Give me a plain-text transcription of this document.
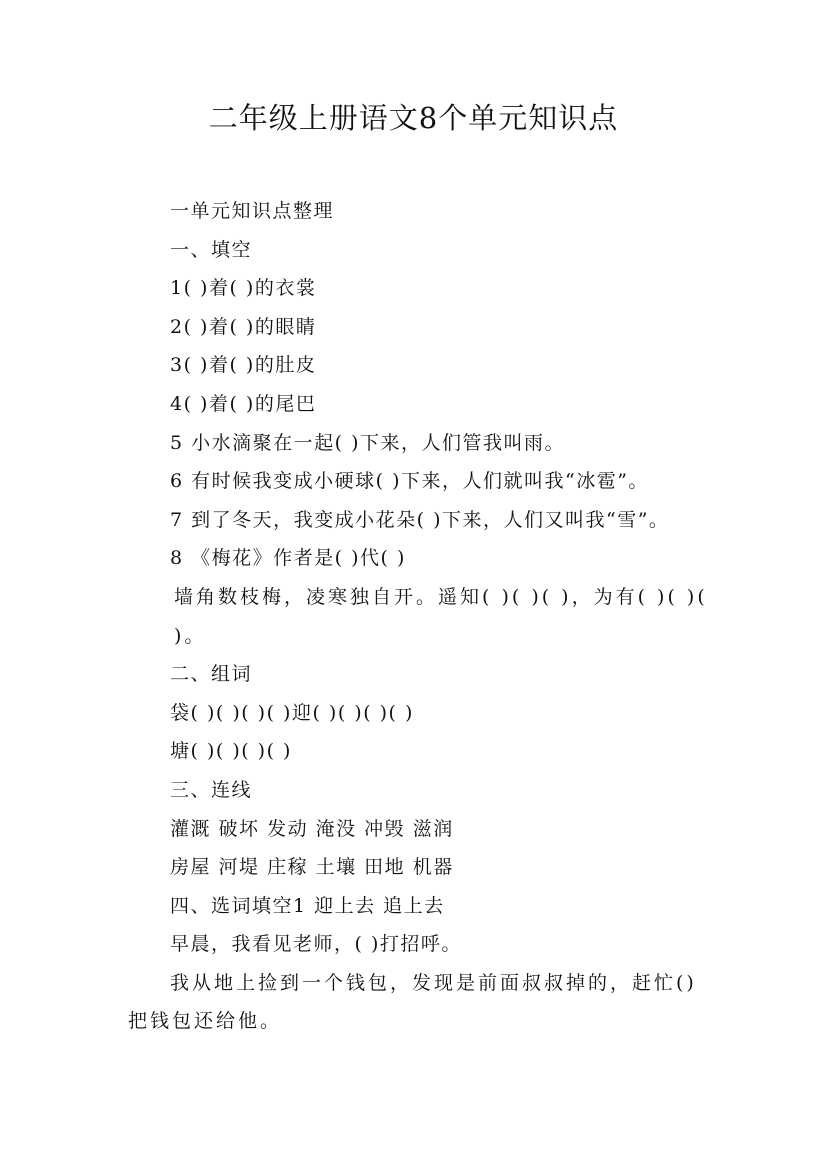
二年级上册语文8个单元知识点
一单元知识点整理
一、填空
1( )着( )的衣裳
2( )着( )的眼睛
3( )着( )的肚皮
4( )着( )的尾巴
5 小水滴聚在一起( )下来，人们管我叫雨。
6 有时候我变成小硬球( )下来，人们就叫我“冰雹”。
7 到了冬天，我变成小花朵( )下来，人们又叫我“雪”。
8 《梅花》作者是( )代( )
墙角数枝梅，凌寒独自开。遥知( )( )( )，为有( )( )( )。
二、组词
袋( )( )( )( )迎( )( )( )( )
塘( )( )( )( )
三、连线
灌溉 破坏 发动 淹没 冲毁 滋润
房屋 河堤 庄稼 土壤 田地 机器
四、选词填空1 迎上去 追上去
早晨，我看见老师，( )打招呼。
我从地上捡到一个钱包，发现是前面叔叔掉的，赶忙()把钱包还给他。
